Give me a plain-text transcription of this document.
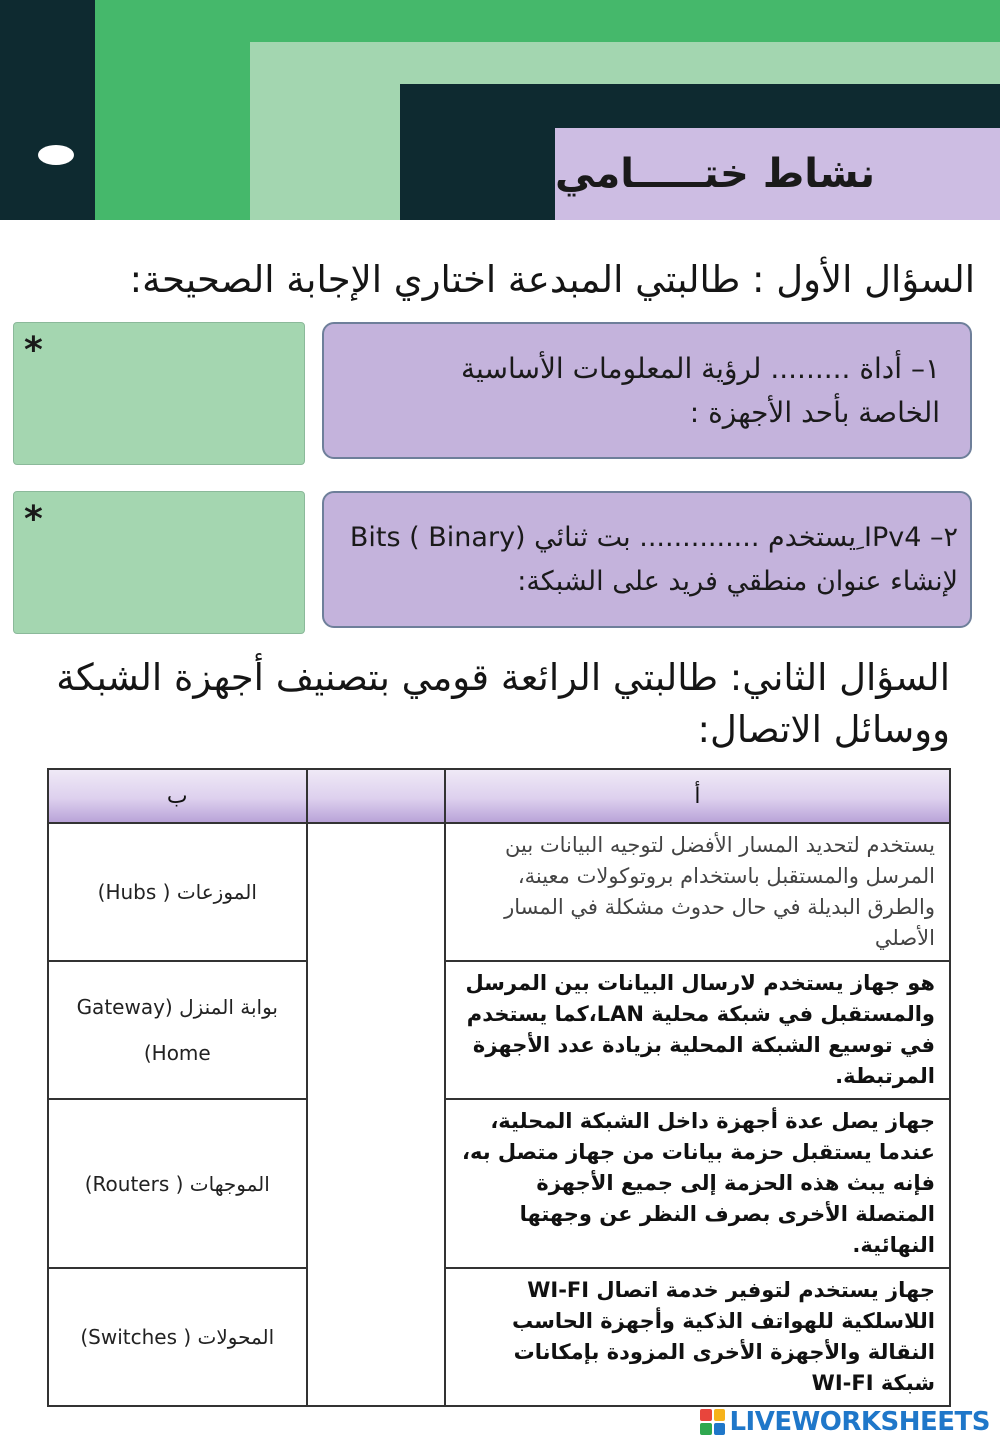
نشاط ختـــــامي
السؤال الأول : طالبتي المبدعة اختاري الإجابة الصحيحة:
١– أداة ......... لرؤية المعلومات الأساسية الخاصة بأحد الأجهزة :
*
٢– IPv4 ِيستخدم .............. بت ثنائي Bits ( Binary) لإنشاء عنوان منطقي فريد على الشبكة:
*
السؤال الثاني: طالبتي الرائعة قومي بتصنيف أجهزة الشبكة ووسائل الاتصال:
ب		أ
الموزعات ( Hubs)		يستخدم لتحديد المسار الأفضل لتوجيه البيانات بين المرسل والمستقبل باستخدام بروتوكولات معينة، والطرق البديلة في حال حدوث مشكلة في المسار الأصلي
بوابة المنزل (Gateway Home)		هو جهاز يستخدم لارسال البيانات بين المرسل والمستقبل في شبكة محلية LAN،كما يستخدم في توسيع الشبكة المحلية بزيادة عدد الأجهزة المرتبطة.
الموجهات ( Routers)		جهاز يصل عدة أجهزة داخل الشبكة المحلية، عندما يستقبل حزمة بيانات من جهاز متصل به، فإنه يبث هذه الحزمة إلى جميع الأجهزة المتصلة الأخرى بصرف النظر عن وجهتها النهائية.
المحولات ( Switches)		جهاز يستخدم لتوفير خدمة اتصال WI-FI اللاسلكية للهواتف الذكية وأجهزة الحاسب النقالة والأجهزة الأخرى المزودة بإمكانات شبكة WI-FI
LIVEWORKSHEETS
